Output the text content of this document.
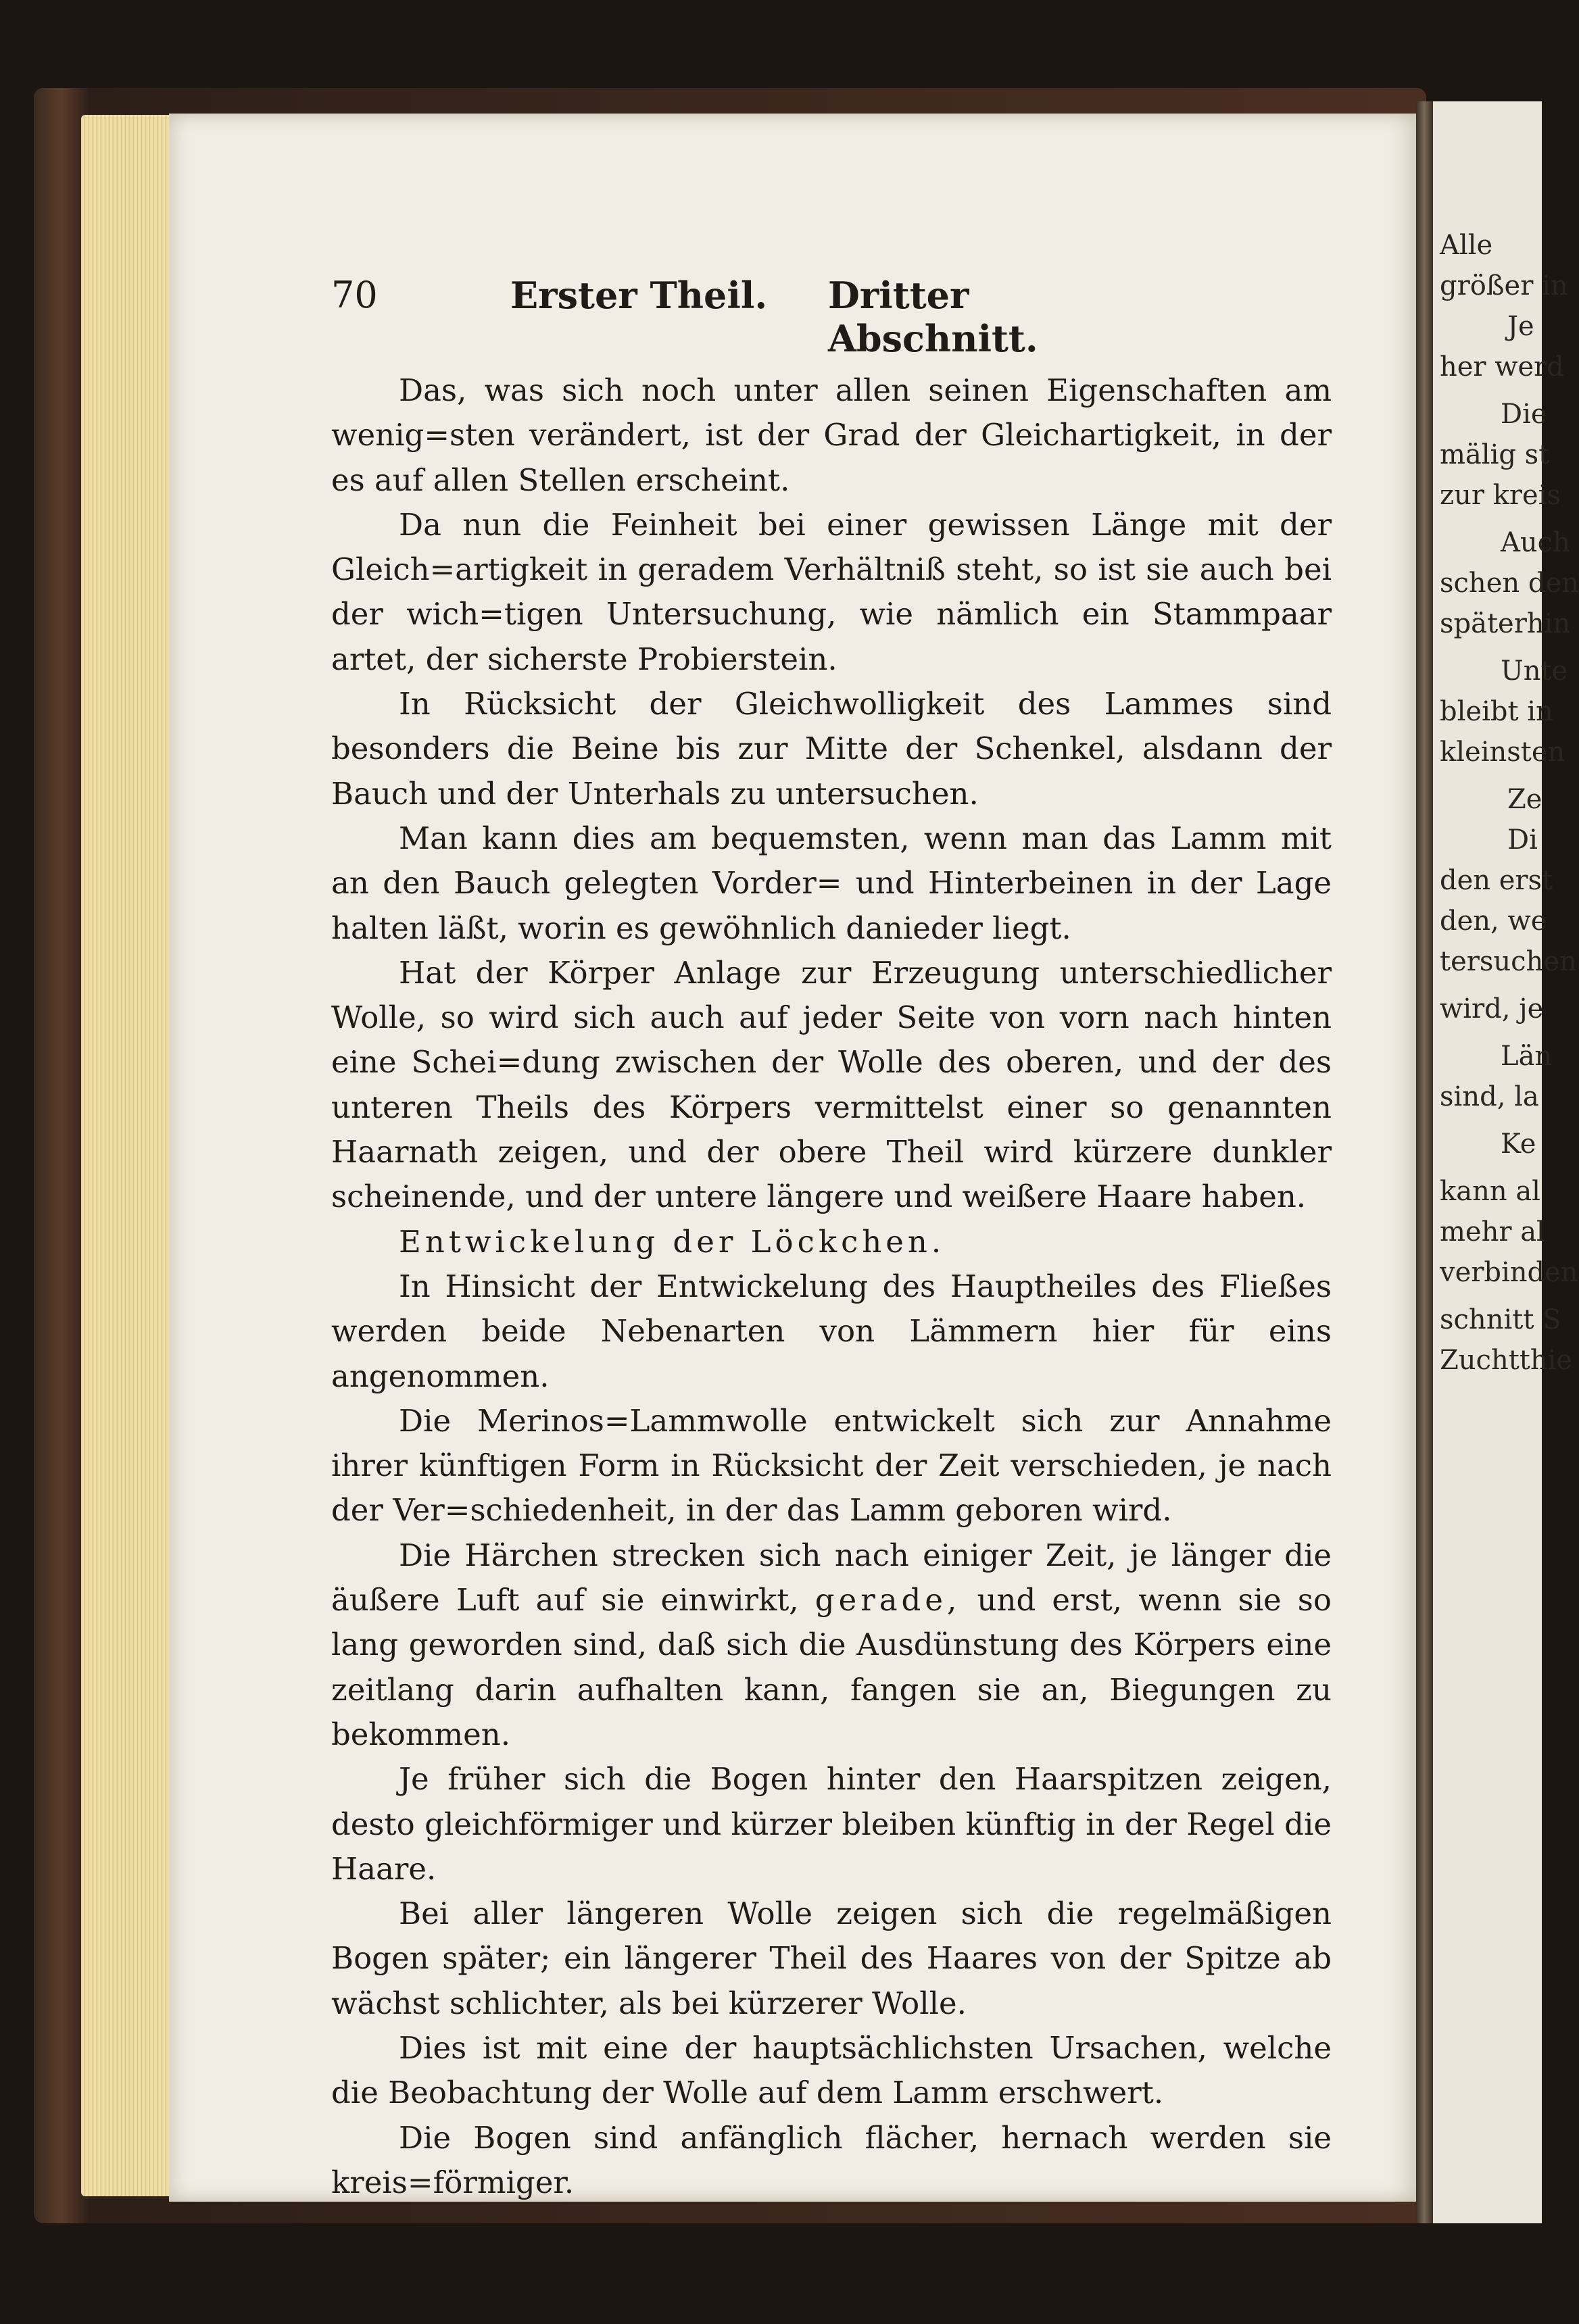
Alle
größer in
Je
her werd
Die
mälig st
zur kreis
Auch
schen den
späterhin
Unte
bleibt in
kleinsten
Ze
Di
den erst
den, we
tersuchen
wird, je
Län
sind, la
Ke
kann al
mehr al
verbinden
schnitt S
Zuchtthie
70	Erster Theil. Dritter Abschnitt.

Das, was sich noch unter allen seinen Eigenschaften am wenig=sten verändert, ist der Grad der Gleichartigkeit, in der es auf allen Stellen erscheint.

Da nun die Feinheit bei einer gewissen Länge mit der Gleich=artigkeit in geradem Verhältniß steht, so ist sie auch bei der wich=tigen Untersuchung, wie nämlich ein Stammpaar artet, der sicherste Probierstein.

In Rücksicht der Gleichwolligkeit des Lammes sind besonders die Beine bis zur Mitte der Schenkel, alsdann der Bauch und der Unterhals zu untersuchen.

Man kann dies am bequemsten, wenn man das Lamm mit an den Bauch gelegten Vorder= und Hinterbeinen in der Lage halten läßt, worin es gewöhnlich danieder liegt.

Hat der Körper Anlage zur Erzeugung unterschiedlicher Wolle, so wird sich auch auf jeder Seite von vorn nach hinten eine Schei=dung zwischen der Wolle des oberen, und der des unteren Theils des Körpers vermittelst einer so genannten Haarnath zeigen, und der obere Theil wird kürzere dunkler scheinende, und der untere längere und weißere Haare haben.

Entwickelung der Löckchen.

In Hinsicht der Entwickelung des Hauptheiles des Fließes werden beide Nebenarten von Lämmern hier für eins angenommen.

Die Merinos=Lammwolle entwickelt sich zur Annahme ihrer künftigen Form in Rücksicht der Zeit verschieden, je nach der Ver=schiedenheit, in der das Lamm geboren wird.

Die Härchen strecken sich nach einiger Zeit, je länger die äußere Luft auf sie einwirkt, gerade, und erst, wenn sie so lang geworden sind, daß sich die Ausdünstung des Körpers eine zeitlang darin aufhalten kann, fangen sie an, Biegungen zu bekommen.

Je früher sich die Bogen hinter den Haarspitzen zeigen, desto gleichförmiger und kürzer bleiben künftig in der Regel die Haare.

Bei aller längeren Wolle zeigen sich die regelmäßigen Bogen später; ein längerer Theil des Haares von der Spitze ab wächst schlichter, als bei kürzerer Wolle.

Dies ist mit eine der hauptsächlichsten Ursachen, welche die Beobachtung der Wolle auf dem Lamm erschwert.

Die Bogen sind anfänglich flächer, hernach werden sie kreis=förmiger.
